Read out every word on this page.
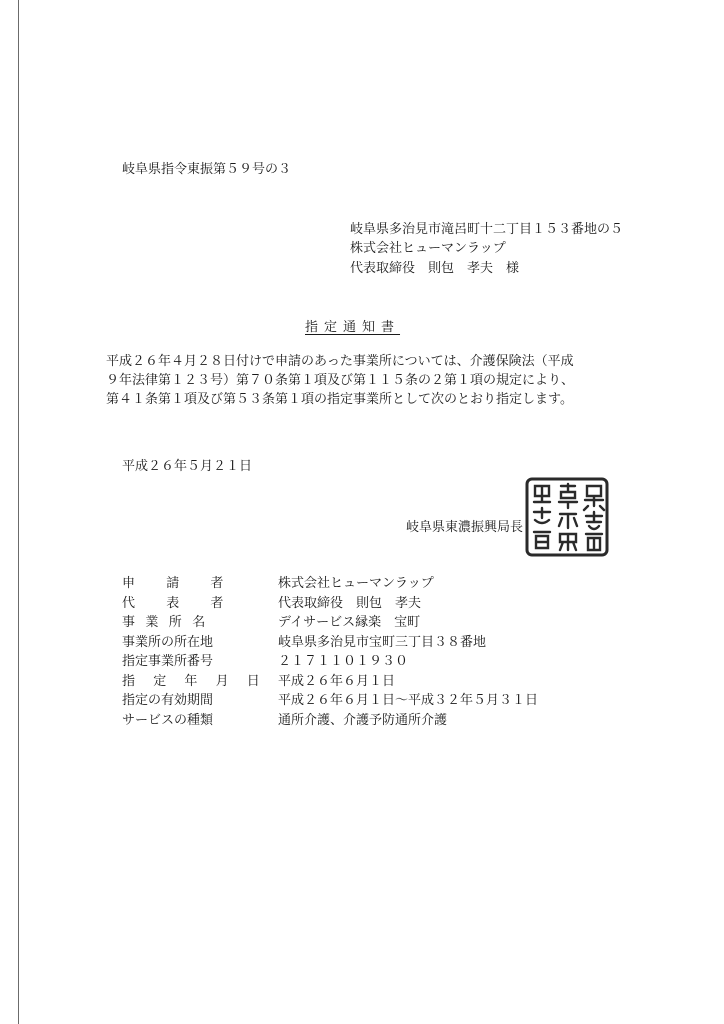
岐阜県指令東振第５９号の３

岐阜県多治見市滝呂町十二丁目１５３番地の５

株式会社ヒューマンラップ

代表取締役　則包　孝夫　様

指定通知書

平成２６年４月２８日付けで申請のあった事業所については、介護保険法（平成９年法律第１２３号）第７０条第１項及び第１１５条の２第１項の規定により、第４１条第１項及び第５３条第１項の指定事業所として次のとおり指定します。

平成２６年５月２１日

岐阜県東濃振興局長

申請者	株式会社ヒューマンラップ
代表者	代表取締役　則包　孝夫
事業所名	デイサービス縁楽　宝町
事業所の所在地	岐阜県多治見市宝町三丁目３８番地
指定事業所番号	２１７１１０１９３０
指定年月日	平成２６年６月１日
指定の有効期間	平成２６年６月１日〜平成３２年５月３１日
サービスの種類	通所介護、介護予防通所介護
